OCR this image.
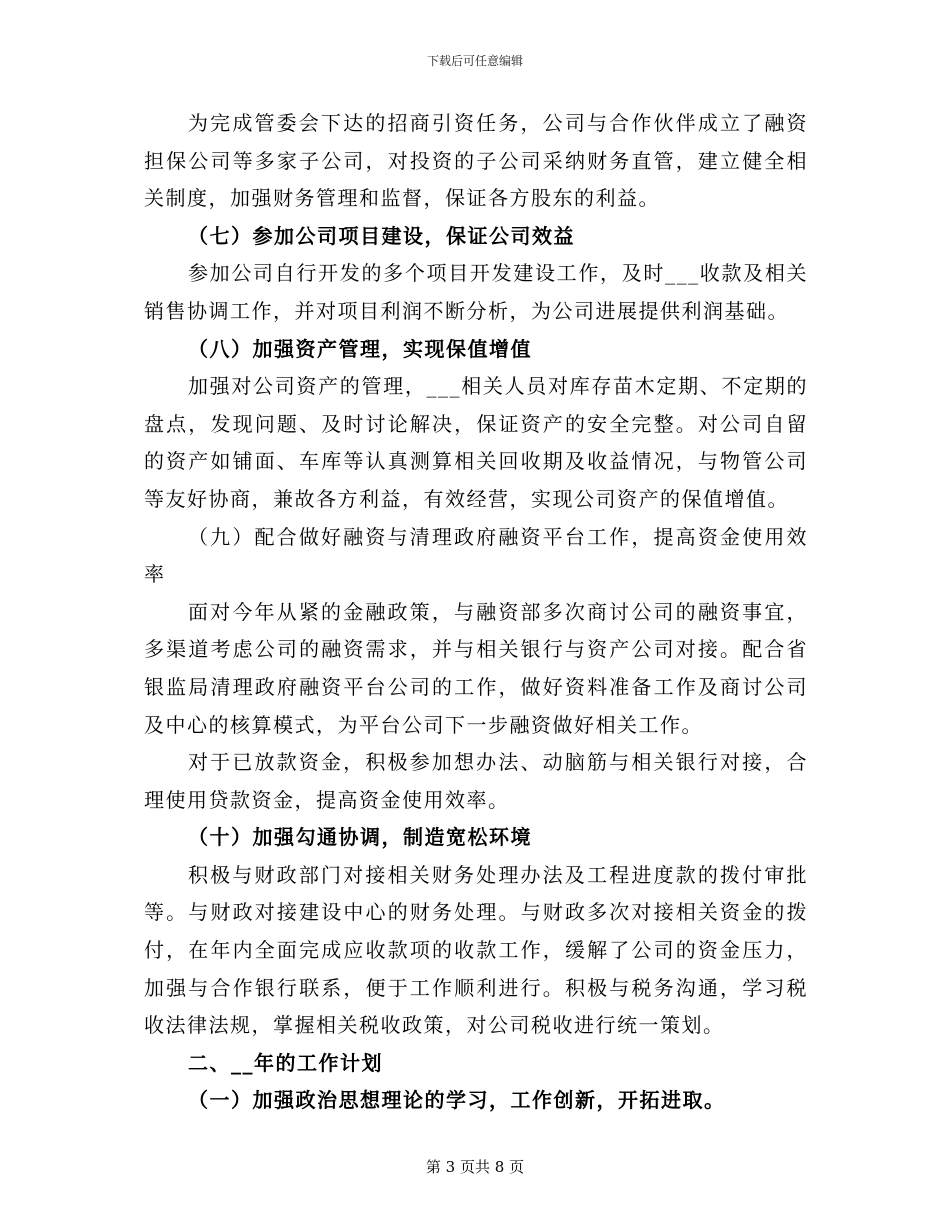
下载后可任意编辑

为完成管委会下达的招商引资任务，公司与合作伙伴成立了融资担保公司等多家子公司，对投资的子公司采纳财务直管，建立健全相关制度，加强财务管理和监督，保证各方股东的利益。

（七）参加公司项目建设，保证公司效益

参加公司自行开发的多个项目开发建设工作，及时___收款及相关销售协调工作，并对项目利润不断分析，为公司进展提供利润基础。

（八）加强资产管理，实现保值增值

加强对公司资产的管理，___相关人员对库存苗木定期、不定期的盘点，发现问题、及时讨论解决，保证资产的安全完整。对公司自留的资产如铺面、车库等认真测算相关回收期及收益情况，与物管公司等友好协商，兼故各方利益，有效经营，实现公司资产的保值增值。

（九）配合做好融资与清理政府融资平台工作，提高资金使用效率

面对今年从紧的金融政策，与融资部多次商讨公司的融资事宜，多渠道考虑公司的融资需求，并与相关银行与资产公司对接。配合省银监局清理政府融资平台公司的工作，做好资料准备工作及商讨公司及中心的核算模式，为平台公司下一步融资做好相关工作。

对于已放款资金，积极参加想办法、动脑筋与相关银行对接，合理使用贷款资金，提高资金使用效率。

（十）加强勾通协调，制造宽松环境

积极与财政部门对接相关财务处理办法及工程进度款的拨付审批等。与财政对接建设中心的财务处理。与财政多次对接相关资金的拨付，在年内全面完成应收款项的收款工作，缓解了公司的资金压力，加强与合作银行联系，便于工作顺利进行。积极与税务沟通，学习税收法律法规，掌握相关税收政策，对公司税收进行统一策划。

二、__年的工作计划

（一）加强政治思想理论的学习，工作创新，开拓进取。

第 3 页共 8 页
